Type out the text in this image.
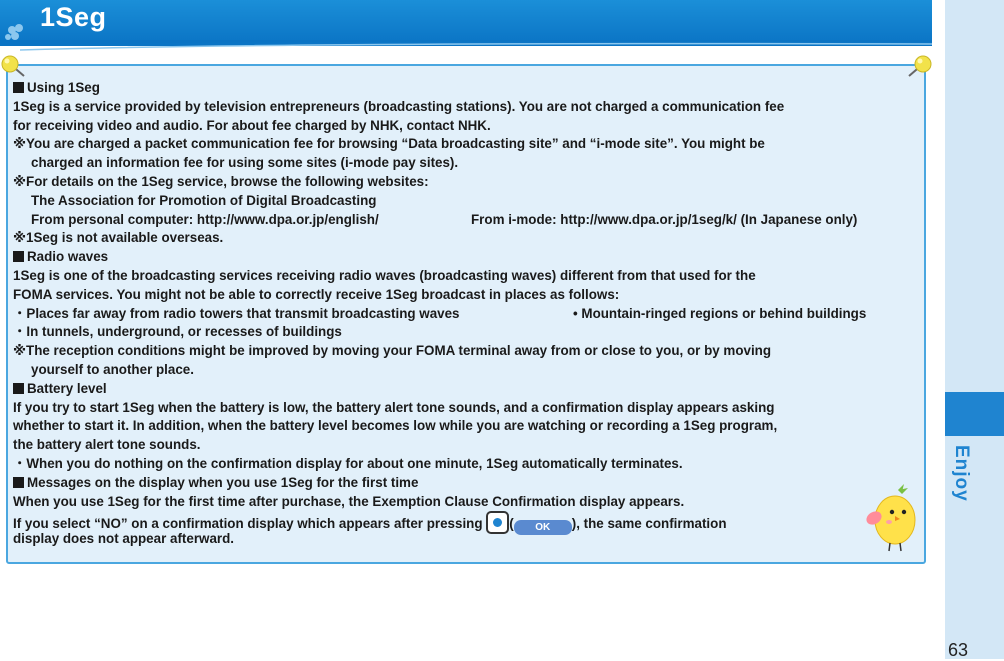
1Seg
Enjoy
63
Using 1Seg
1Seg is a service provided by television entrepreneurs (broadcasting stations). You are not charged a communication fee
for receiving video and audio. For about fee charged by NHK, contact NHK.
※You are charged a packet communication fee for browsing “Data broadcasting site” and “i-mode site”. You might be
charged an information fee for using some sites (i-mode pay sites).
※For details on the 1Seg service, browse the following websites:
The Association for Promotion of Digital Broadcasting
From personal computer: http://www.dpa.or.jp/english/	From i-mode: http://www.dpa.or.jp/1seg/k/ (In Japanese only)
※1Seg is not available overseas.
Radio waves
1Seg is one of the broadcasting services receiving radio waves (broadcasting waves) different from that used for the
FOMA services. You might not be able to correctly receive 1Seg broadcast in places as follows:
・Places far away from radio towers that transmit broadcasting waves	• Mountain-ringed regions or behind buildings
・In tunnels, underground, or recesses of buildings
※The reception conditions might be improved by moving your FOMA terminal away from or close to you, or by moving
yourself to another place.
Battery level
If you try to start 1Seg when the battery is low, the battery alert tone sounds, and a confirmation display appears asking
whether to start it. In addition, when the battery level becomes low while you are watching or recording a 1Seg program,
the battery alert tone sounds.
・When you do nothing on the confirmation display for about one minute, 1Seg automatically terminates.
Messages on the display when you use 1Seg for the first time
When you use 1Seg for the first time after purchase, the Exemption Clause Confirmation display appears.
If you select “NO” on a confirmation display which appears after pressing ( OK ), the same confirmation
display does not appear afterward.
